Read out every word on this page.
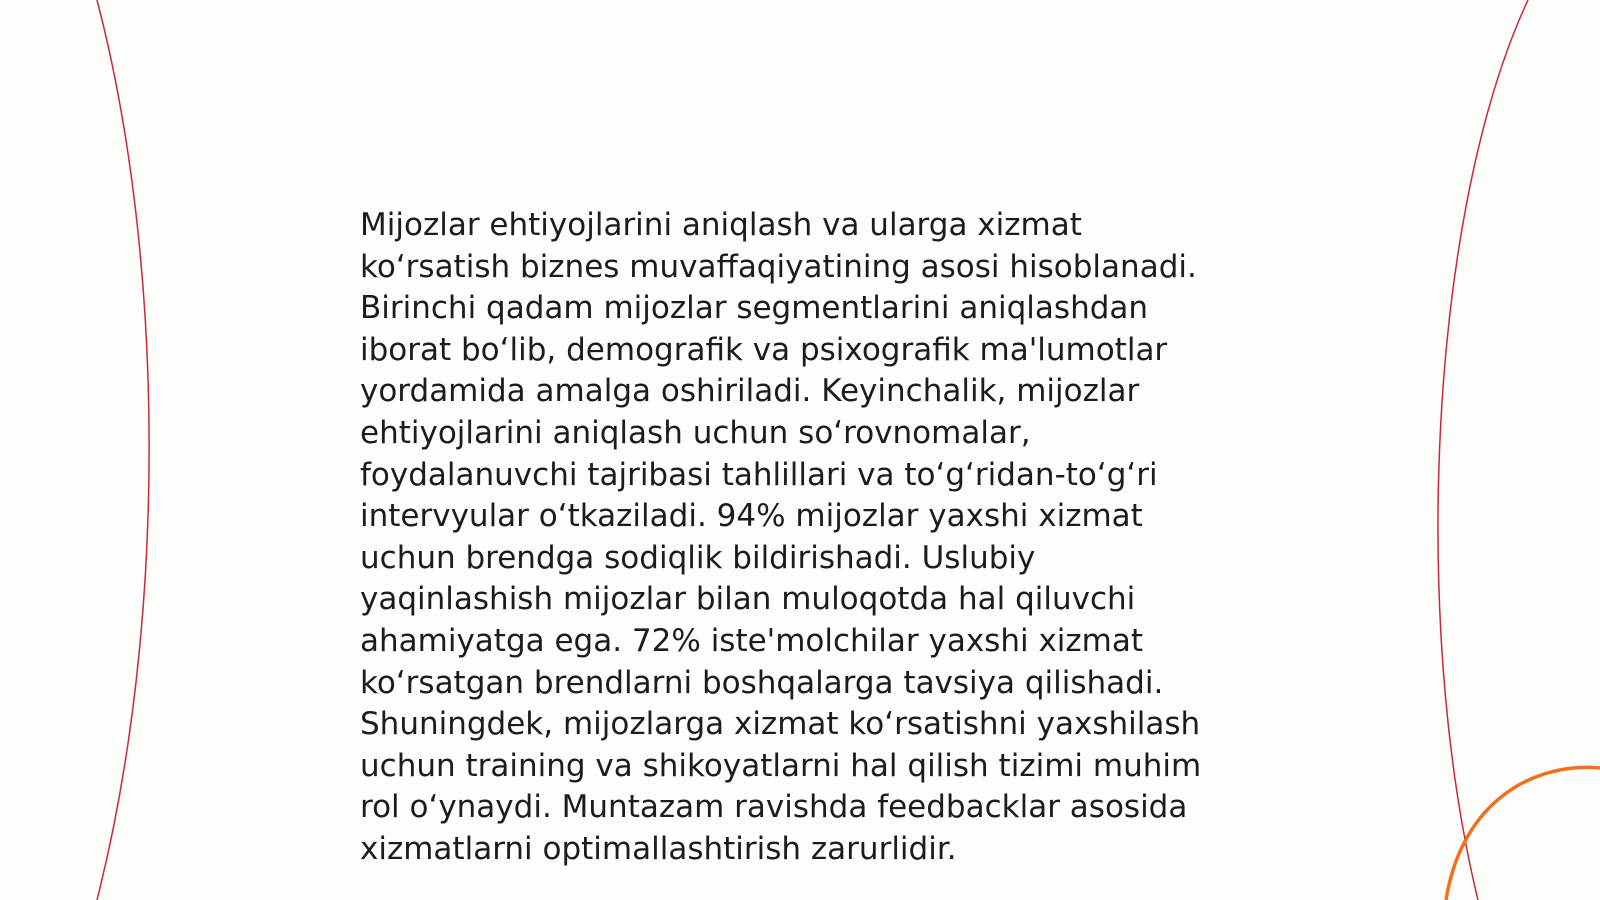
Mijozlar ehtiyojlarini aniqlash va ularga xizmat
ko‘rsatish biznes muvaffaqiyatining asosi hisoblanadi.
Birinchi qadam mijozlar segmentlarini aniqlashdan
iborat bo‘lib, demografik va psixografik ma'lumotlar
yordamida amalga oshiriladi. Keyinchalik, mijozlar
ehtiyojlarini aniqlash uchun so‘rovnomalar,
foydalanuvchi tajribasi tahlillari va to‘g‘ridan-to‘g‘ri
intervyular o‘tkaziladi. 94% mijozlar yaxshi xizmat
uchun brendga sodiqlik bildirishadi. Uslubiy
yaqinlashish mijozlar bilan muloqotda hal qiluvchi
ahamiyatga ega. 72% iste'molchilar yaxshi xizmat
ko‘rsatgan brendlarni boshqalarga tavsiya qilishadi.
Shuningdek, mijozlarga xizmat ko‘rsatishni yaxshilash
uchun training va shikoyatlarni hal qilish tizimi muhim
rol o‘ynaydi. Muntazam ravishda feedbacklar asosida
xizmatlarni optimallashtirish zarurlidir.
